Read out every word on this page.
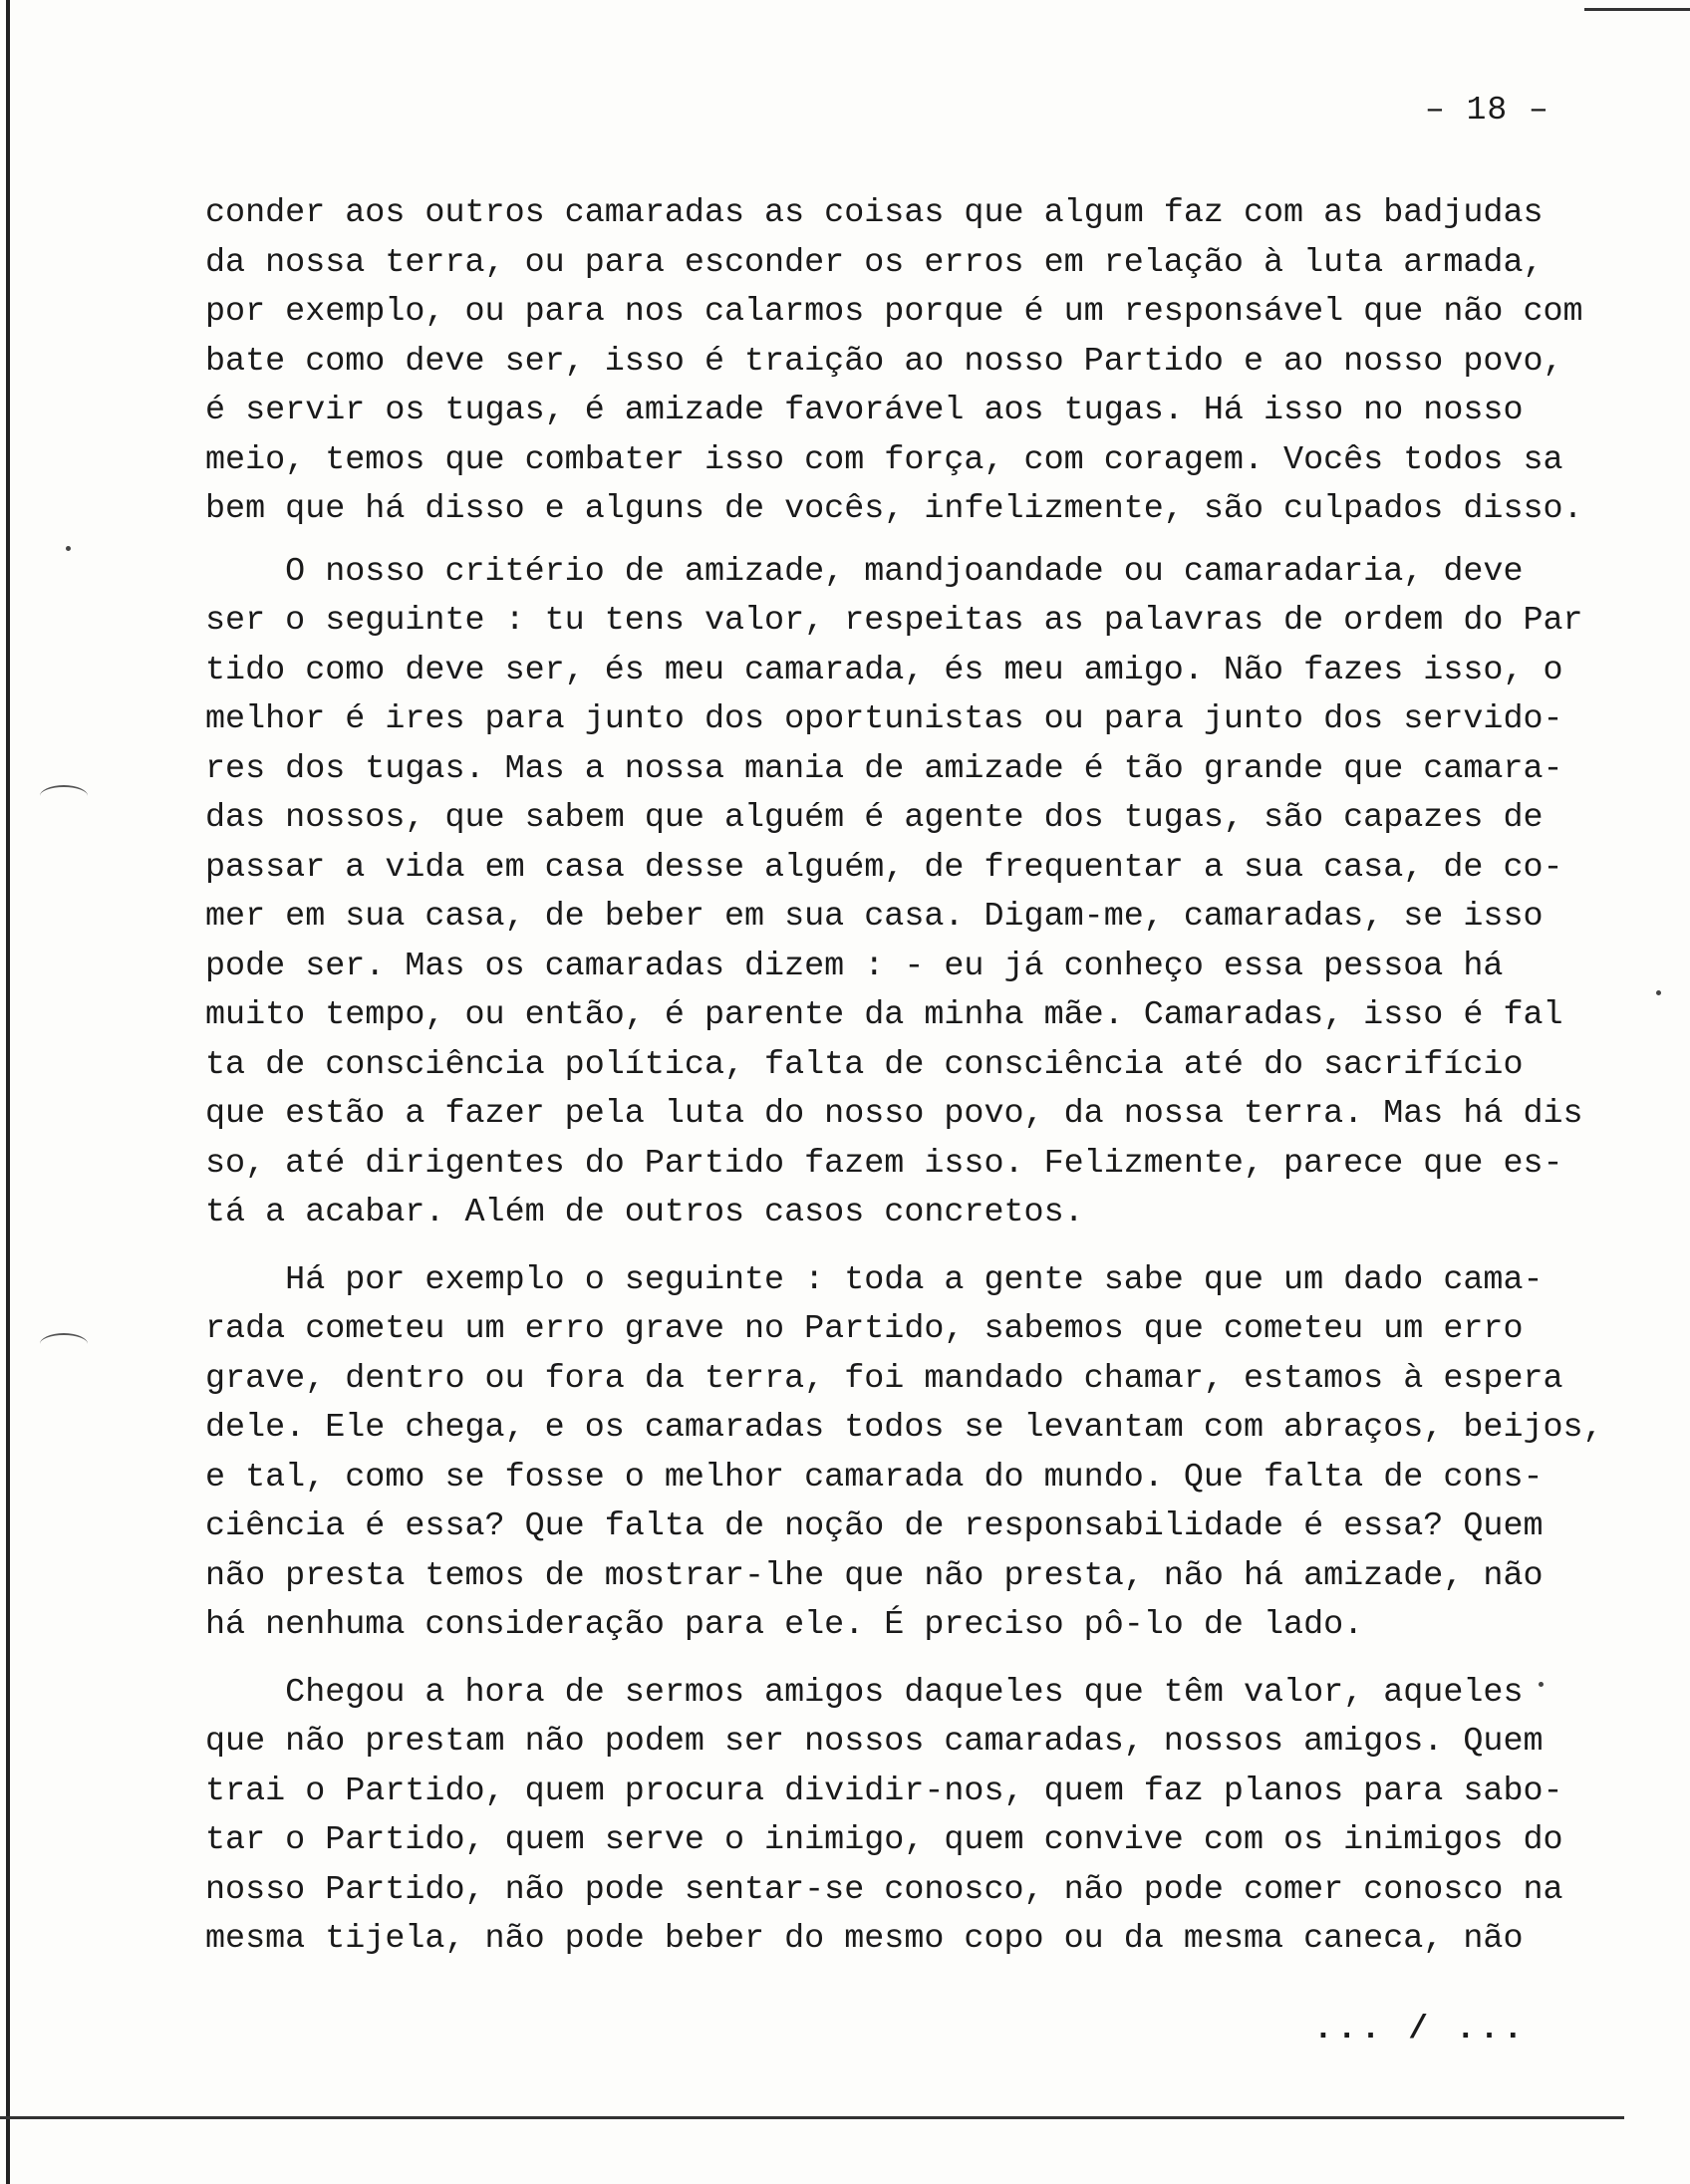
– 18 –
conder aos outros camaradas as coisas que algum faz com as badjudas
da nossa terra, ou para esconder os erros em relação à luta armada,
por exemplo, ou para nos calarmos porque é um responsável que não com
bate como deve ser, isso é traição ao nosso Partido e ao nosso povo,
é servir os tugas, é amizade favorável aos tugas. Há isso no nosso
meio, temos que combater isso com força, com coragem. Vocês todos sa
bem que há disso e alguns de vocês, infelizmente, são culpados disso.
O nosso critério de amizade, mandjoandade ou camaradaria, deve
ser o seguinte : tu tens valor, respeitas as palavras de ordem do Par
tido como deve ser, és meu camarada, és meu amigo. Não fazes isso, o
melhor é ires para junto dos oportunistas ou para junto dos servido-
res dos tugas. Mas a nossa mania de amizade é tão grande que camara-
das nossos, que sabem que alguém é agente dos tugas, são capazes de
passar a vida em casa desse alguém, de frequentar a sua casa, de co-
mer em sua casa, de beber em sua casa. Digam-me, camaradas, se isso
pode ser. Mas os camaradas dizem : - eu já conheço essa pessoa há
muito tempo, ou então, é parente da minha mãe. Camaradas, isso é fal
ta de consciência política, falta de consciência até do sacrifício
que estão a fazer pela luta do nosso povo, da nossa terra. Mas há dis
so, até dirigentes do Partido fazem isso. Felizmente, parece que es-
tá a acabar. Além de outros casos concretos.
Há por exemplo o seguinte : toda a gente sabe que um dado cama-
rada cometeu um erro grave no Partido, sabemos que cometeu um erro
grave, dentro ou fora da terra, foi mandado chamar, estamos à espera
dele. Ele chega, e os camaradas todos se levantam com abraços, beijos,
e tal, como se fosse o melhor camarada do mundo. Que falta de cons-
ciência é essa? Que falta de noção de responsabilidade é essa? Quem
não presta temos de mostrar-lhe que não presta, não há amizade, não
há nenhuma consideração para ele. É preciso pô-lo de lado.
Chegou a hora de sermos amigos daqueles que têm valor, aqueles
que não prestam não podem ser nossos camaradas, nossos amigos. Quem
trai o Partido, quem procura dividir-nos, quem faz planos para sabo-
tar o Partido, quem serve o inimigo, quem convive com os inimigos do
nosso Partido, não pode sentar-se conosco, não pode comer conosco na
mesma tijela, não pode beber do mesmo copo ou da mesma caneca, não
... / ...
